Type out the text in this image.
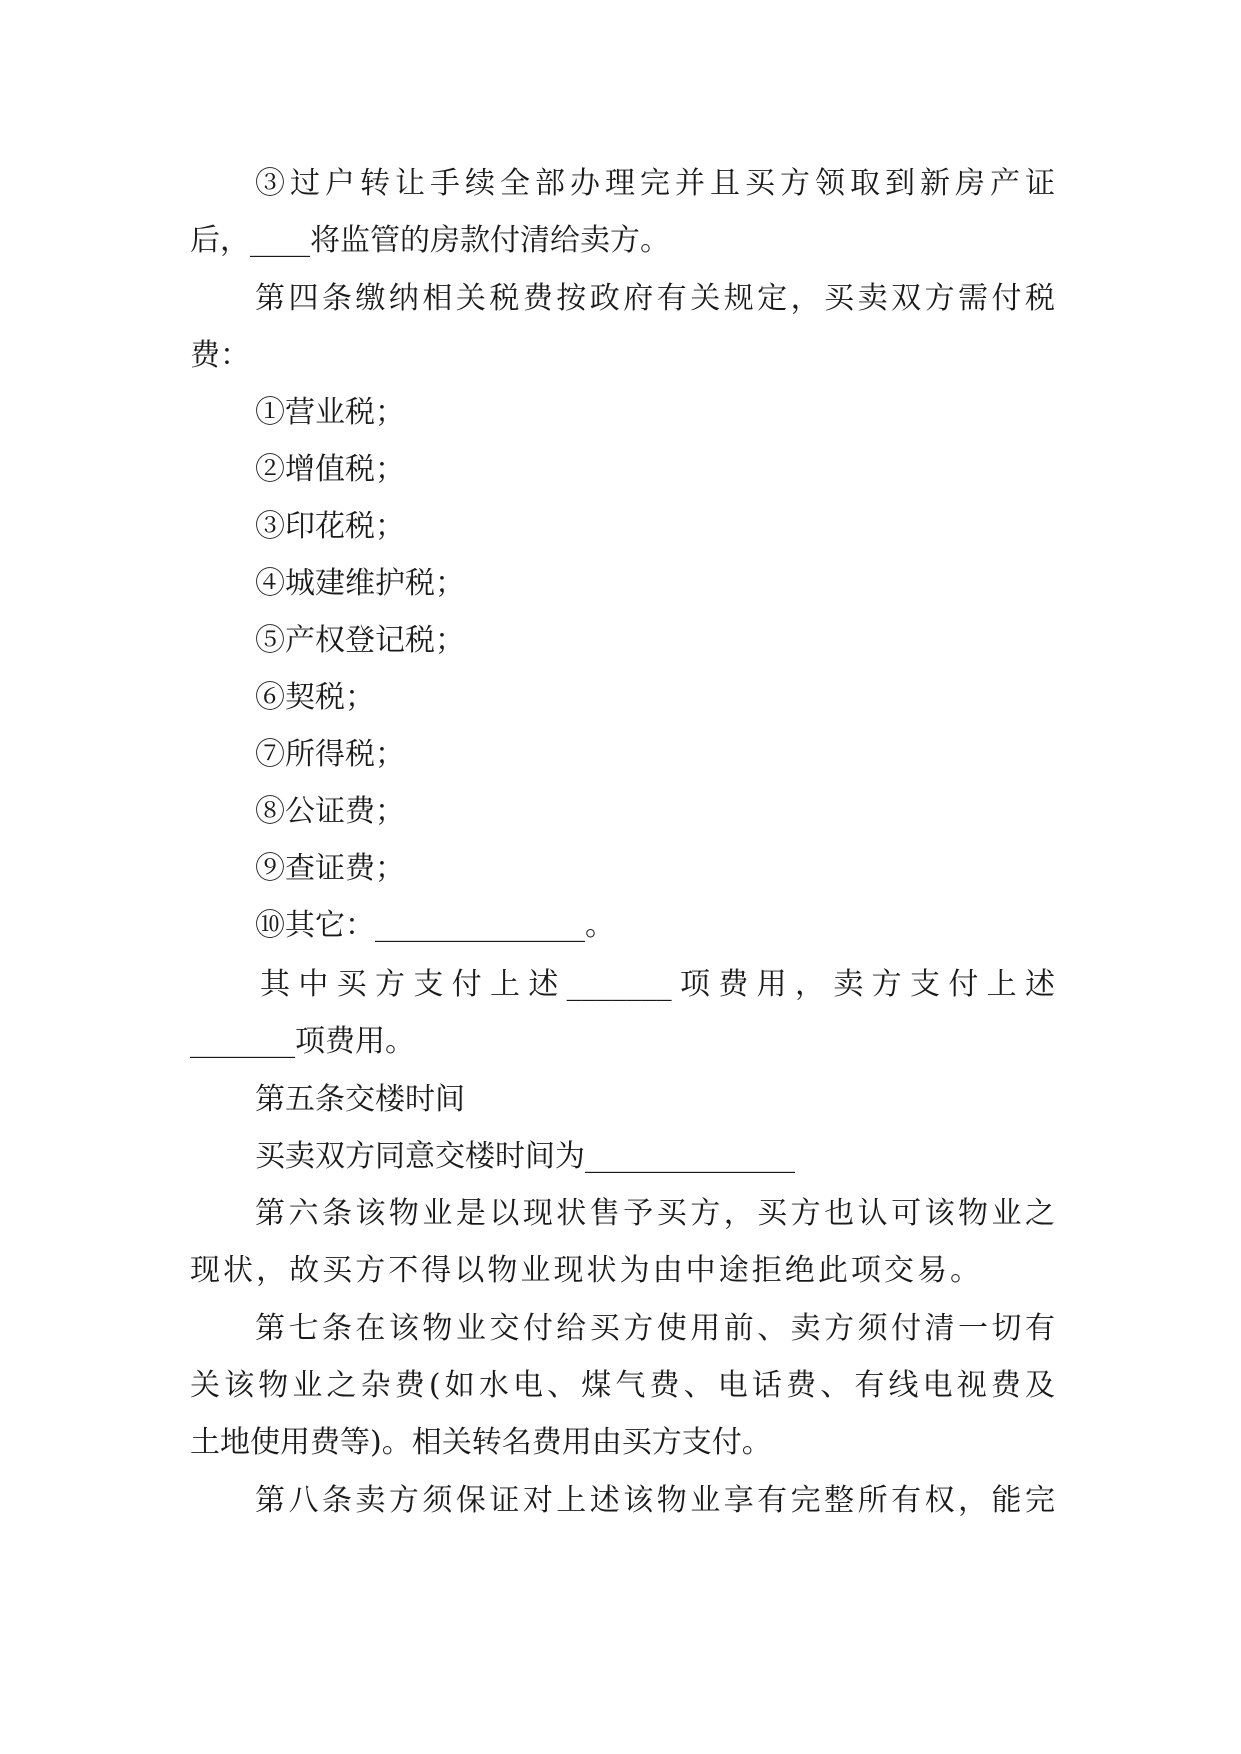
③过户转让手续全部办理完并且买方领取到新房产证
后，____将监管的房款付清给卖方。
第四条缴纳相关税费按政府有关规定，买卖双方需付税
费：
①营业税；
②增值税；
③印花税；
④城建维护税；
⑤产权登记税；
⑥契税；
⑦所得税；
⑧公证费；
⑨查证费；
⑩其它：______________。
其中买方支付上述_______项费用，卖方支付上述
_______项费用。
第五条交楼时间
买卖双方同意交楼时间为______________
第六条该物业是以现状售予买方，买方也认可该物业之
现状，故买方不得以物业现状为由中途拒绝此项交易。
第七条在该物业交付给买方使用前、卖方须付清一切有
关该物业之杂费(如水电、煤气费、电话费、有线电视费及
土地使用费等)。相关转名费用由买方支付。
第八条卖方须保证对上述该物业享有完整所有权，能完
